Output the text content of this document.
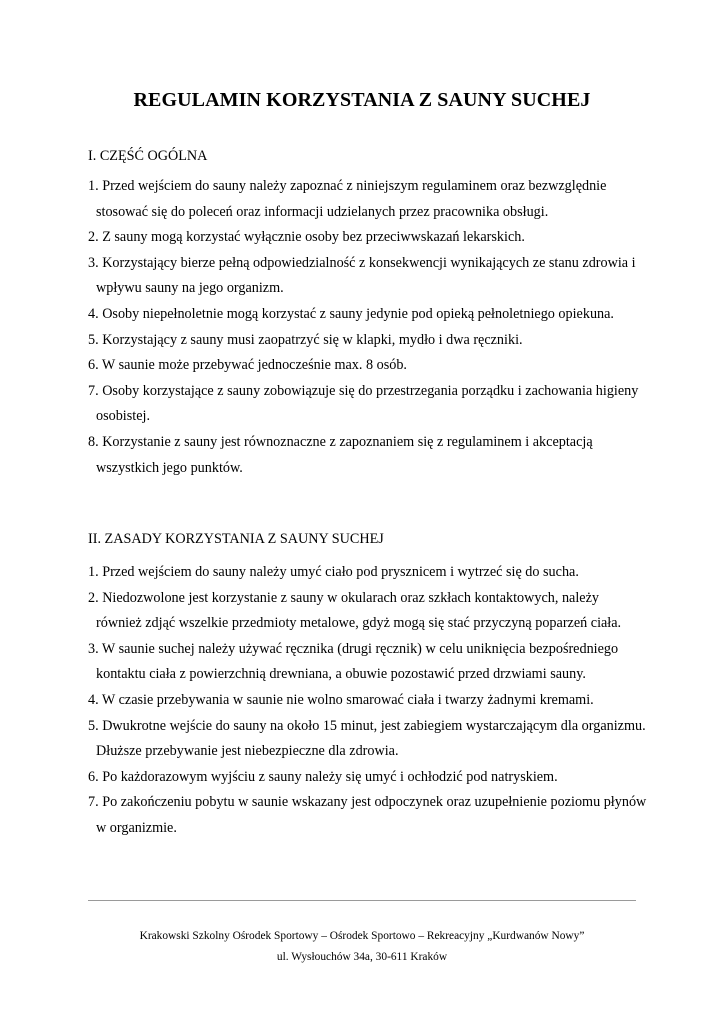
REGULAMIN KORZYSTANIA Z SAUNY SUCHEJ
I. CZĘŚĆ OGÓLNA
1. Przed wejściem do sauny należy zapoznać z niniejszym regulaminem oraz bezwzględnie stosować się do poleceń oraz informacji udzielanych przez pracownika obsługi.
2. Z sauny mogą korzystać wyłącznie osoby bez przeciwwskazań lekarskich.
3. Korzystający bierze pełną odpowiedzialność z konsekwencji wynikających ze stanu zdrowia i wpływu sauny na jego organizm.
4. Osoby niepełnoletnie mogą korzystać z sauny jedynie pod opieką pełnoletniego opiekuna.
5. Korzystający z sauny musi zaopatrzyć się w klapki, mydło i dwa ręczniki.
6. W saunie może przebywać jednocześnie max. 8 osób.
7. Osoby korzystające z sauny zobowiązuje się do przestrzegania porządku i zachowania higieny osobistej.
8. Korzystanie z sauny jest równoznaczne z zapoznaniem się z regulaminem i akceptacją wszystkich jego punktów.
II. ZASADY KORZYSTANIA Z SAUNY SUCHEJ
1. Przed wejściem do sauny należy umyć ciało pod prysznicem i wytrzeć się do sucha.
2. Niedozwolone jest korzystanie z sauny w okularach oraz szkłach kontaktowych, należy również zdjąć wszelkie przedmioty metalowe, gdyż mogą się stać przyczyną poparzeń ciała.
3. W saunie suchej należy używać ręcznika (drugi ręcznik) w celu uniknięcia bezpośredniego kontaktu ciała z powierzchnią drewniana, a obuwie pozostawić przed drzwiami sauny.
4. W czasie przebywania w saunie nie wolno smarować ciała i twarzy żadnymi kremami.
5. Dwukrotne wejście do sauny na około 15 minut, jest zabiegiem wystarczającym dla organizmu. Dłuższe przebywanie jest niebezpieczne dla zdrowia.
6. Po każdorazowym wyjściu z sauny należy się umyć i ochłodzić pod natryskiem.
7. Po zakończeniu pobytu w saunie wskazany jest odpoczynek oraz uzupełnienie poziomu płynów w organizmie.
Krakowski Szkolny Ośrodek Sportowy – Ośrodek Sportowo – Rekreacyjny „Kurdwanów Nowy”
ul. Wysłouchów 34a, 30-611 Kraków
